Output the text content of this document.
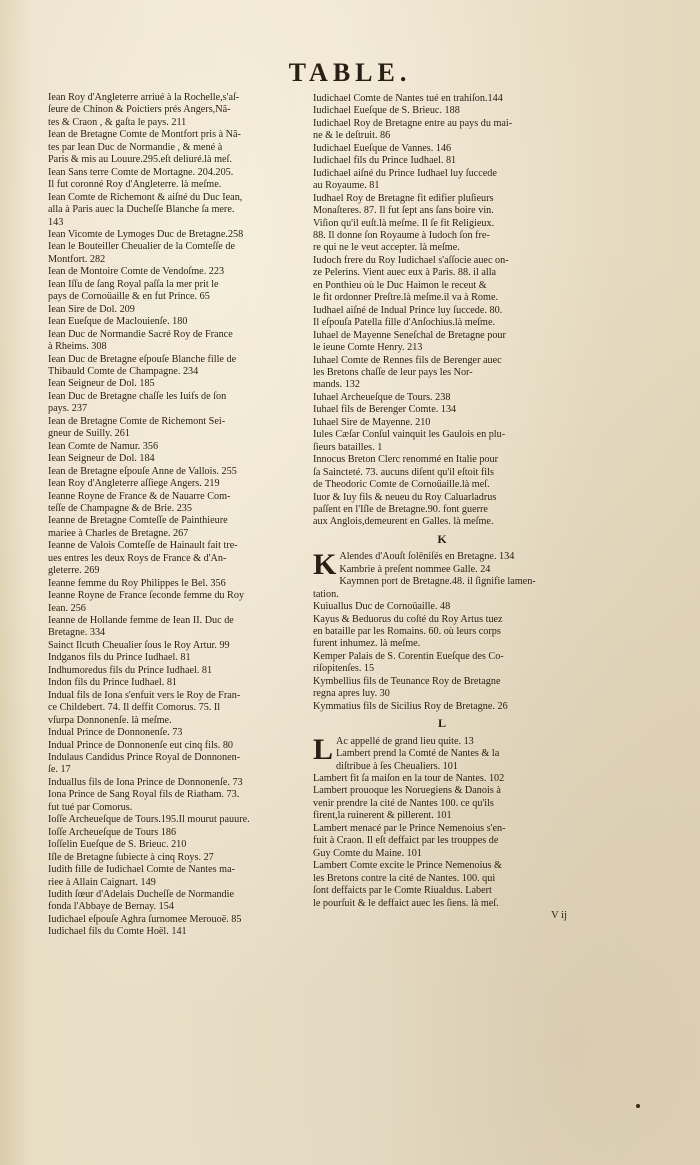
TABLE.
Iean Roy d'Angleterre arriué à la Rochelle,s'aſ-
ſeure de Chinon & Poictiers prés Angers,Nã-
tes & Craon , & gaſta le pays. 211
Iean de Bretagne Comte de Montfort pris à Nã-
tes par Iean Duc de Normandie , & mené à
Paris & mis au Louure.295.eſt deliuré.là meſ.
Iean Sans terre Comte de Mortagne. 204.205.
Il fut coronné Roy d'Angleterre. là meſme.
Iean Comte de Richemont & aiſné du Duc Iean,
alla à Paris auec la Ducheſſe Blanche ſa mere.
143
Iean Vicomte de Lymoges Duc de Bretagne.258
Iean le Bouteiller Cheualier de la Comteſſe de
Montfort. 282
Iean de Montoire Comte de Vendoſme. 223
Iean Iſſu de ſang Royal paſſa la mer prit le
pays de Cornoüaille & en fut Prince. 65
Iean Sire de Dol. 209
Iean Eueſque de Maclouienſe. 180
Iean Duc de Normandie Sacré Roy de France
à Rheims. 308
Iean Duc de Bretagne eſpouſe Blanche fille de
Thibauld Comte de Champagne. 234
Iean Seigneur de Dol. 185
Iean Duc de Bretagne chaſſe les Iuifs de ſon
pays. 237
Iean de Bretagne Comte de Richemont Sei-
gneur de Suilly. 261
Iean Comte de Namur. 356
Iean Seigneur de Dol. 184
Iean de Bretagne eſpouſe Anne de Vallois. 255
Iean Roy d'Angleterre aſſiege Angers. 219
Ieanne Royne de France & de Nauarre Com-
teſſe de Champagne & de Brie. 235
Ieanne de Bretagne Comteſſe de Painthieure
mariee à Charles de Bretagne. 267
Ieanne de Valois Comteſſe de Hainault fait tre-
ues entres les deux Roys de France & d'An-
gleterre. 269
Ieanne femme du Roy Philippes le Bel. 356
Ieanne Royne de France ſeconde femme du Roy
Iean. 256
Ieanne de Hollande femme de Iean II. Duc de
Bretagne. 334
Sainct Ilcuth Cheualier ſous le Roy Artur. 99
Indganos fils du Prince Iudhael. 81
Indhumoredus fils du Prince Iudhael. 81
Indon fils du Prince Iudhael. 81
Indual fils de Iona s'enfuit vers le Roy de Fran-
ce Childebert. 74. Il deffit Comorus. 75. Il
vſurpa Donnonenſe. là meſme.
Indual Prince de Donnonenſe. 73
Indual Prince de Donnonenſe eut cinq fils. 80
Indulaus Candidus Prince Royal de Donnonen-
ſe. 17
Induallus fils de Iona Prince de Donnonenſe. 73
Iona Prince de Sang Royal fils de Riatham. 73.
fut tué par Comorus.
Ioſſe Archeueſque de Tours.195.Il mourut pauure.
Ioſſe Archeueſque de Tours 186
Ioſſelin Eueſque de S. Brieuc. 210
Iſle de Bretagne ſubiecte à cinq Roys. 27
Iudith fille de Iudichael Comte de Nantes ma-
riee à Allain Caignart. 149
Iudith ſœur d'Adelais Ducheſſe de Normandie
fonda l'Abbaye de Bernay. 154
Iudichael eſpouſe Aghra ſurnomee Merouoë. 85
Iudichael fils du Comte Hoël. 141
Iudichael Comte de Nantes tué en trahiſon.144
Iudichael Eueſque de S. Brieuc. 188
Iudichael Roy de Bretagne entre au pays du mai-
ne & le deſtruit. 86
Iudichael Eueſque de Vannes. 146
Iudichael fils du Prince Iudhael. 81
Iudichael aiſné du Prince Iudhael luy ſuccede
au Royaume. 81
Iudhael Roy de Bretagne fit edifier pluſieurs
Monaſteres. 87. Il fut ſept ans ſans boire vin.
Viſion qu'il euſt.là meſme. Il ſe fit Religieux.
88. Il donne ſon Royaume à Iudoch ſon fre-
re qui ne le veut accepter. là meſme.
Iudoch frere du Roy Iudichael s'aſſocie auec on-
ze Pelerins. Vient auec eux à Paris. 88. il alla
en Ponthieu où le Duc Haimon le receut &
le fit ordonner Preſtre.là meſme.il va à Rome.
Iudhael aiſné de Indual Prince luy ſuccede. 80.
Il eſpouſa Patella fille d'Anſochius.là meſme.
Iuhael de Mayenne Seneſchal de Bretagne pour
le ieune Comte Henry. 213
Iuhael Comte de Rennes fils de Berenger auec
les Bretons chaſſe de leur pays les Nor-
mands. 132
Iuhael Archeueſque de Tours. 238
Iuhael fils de Berenger Comte. 134
Iuhael Sire de Mayenne. 210
Iules Cæſar Conſul vainquit les Gaulois en plu-
ſieurs batailles. 1
Innocus Breton Clerc renommé en Italie pour
ſa Saincteté. 73. aucuns diſent qu'il eſtoit fils
de Theodoric Comte de Cornoüaille.là meſ.
Iuor & Iuy fils & neueu du Roy Caluarladrus
paſſent en l'Iſle de Bretagne.90. font guerre
aux Anglois,demeurent en Galles. là meſme.
K
K Alendes d'Aouſt ſolēniſés en Bretagne. 134
Kambrie à preſent nommee Galle. 24
Kaymnen port de Bretagne.48. il ſignifie lamen-
tation.
Kuiuallus Duc de Cornoüaille. 48
Kayus & Beduorus du coſté du Roy Artus tuez
en bataille par les Romains. 60. où leurs corps
furent inhumez. là meſme.
Kemper Palais de S. Corentin Eueſque des Co-
riſopitenſes. 15
Kymbellius fils de Teunance Roy de Bretagne
regna apres luy. 30
Kymmatius fils de Sicilius Roy de Bretagne. 26
L
L Ac appellé de grand lieu quite. 13
Lambert prend la Comté de Nantes & la
diſtribue à ſes Cheualiers. 101
Lambert fit ſa maiſon en la tour de Nantes. 102
Lambert prouoque les Noruegiens & Danois à
venir prendre la cité de Nantes 100. ce qu'ils
firent,la ruinerent & pillerent. 101
Lambert menacé par le Prince Nemenoius s'en-
fuit à Craon. Il eſt deffaict par les trouppes de
Guy Comte du Maine. 101
Lambert Comte excite le Prince Nemenoius &
les Bretons contre la cité de Nantes. 100. qui
ſont deffaicts par le Comte Riualdus. Labert
le pourſuit & le deffaict auec les ſiens. là meſ.
V ij
